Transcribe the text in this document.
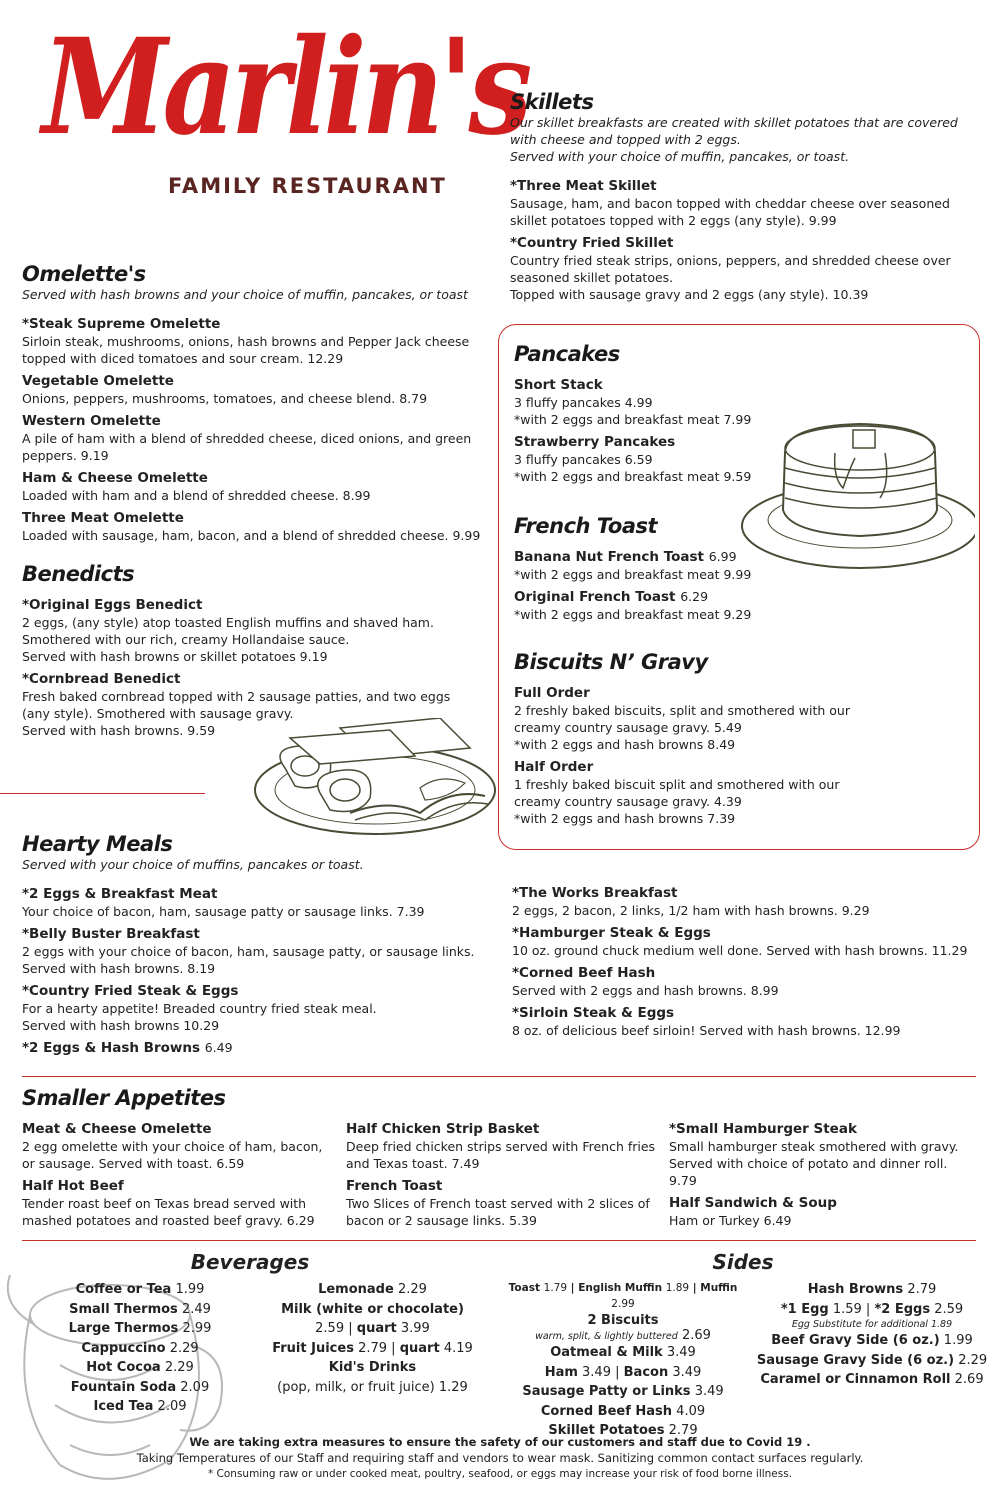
Marlin's
FAMILY RESTAURANT
Skillets
Our skillet breakfasts are created with skillet potatoes that are covered with cheese and topped with 2 eggs.
Served with your choice of muffin, pancakes, or toast.
*Three Meat Skillet
Sausage, ham, and bacon topped with cheddar cheese over seasoned skillet potatoes topped with 2 eggs (any style). 9.99
*Country Fried Skillet
Country fried steak strips, onions, peppers, and shredded cheese over seasoned skillet potatoes.
Topped with sausage gravy and 2 eggs (any style). 10.39
Omelette's
Served with hash browns and your choice of muffin, pancakes, or toast
*Steak Supreme Omelette
Sirloin steak, mushrooms, onions, hash browns and Pepper Jack cheese topped with diced tomatoes and sour cream. 12.29
Vegetable Omelette
Onions, peppers, mushrooms, tomatoes, and cheese blend. 8.79
Western Omelette
A pile of ham with a blend of shredded cheese, diced onions, and green peppers. 9.19
Ham & Cheese Omelette
Loaded with ham and a blend of shredded cheese. 8.99
Three Meat Omelette
Loaded with sausage, ham, bacon, and a blend of shredded cheese. 9.99
Benedicts
*Original Eggs Benedict
2 eggs, (any style) atop toasted English muffins and shaved ham.
Smothered with our rich, creamy Hollandaise sauce.
Served with hash browns or skillet potatoes 9.19
*Cornbread Benedict
Fresh baked cornbread topped with 2 sausage patties, and two eggs (any style). Smothered with sausage gravy.
Served with hash browns. 9.59
Pancakes
Short Stack
3 fluffy pancakes 4.99
*with 2 eggs and breakfast meat 7.99
Strawberry Pancakes
3 fluffy pancakes 6.59
*with 2 eggs and breakfast meat 9.59
French Toast
Banana Nut French Toast 6.99
*with 2 eggs and breakfast meat 9.99
Original French Toast 6.29
*with 2 eggs and breakfast meat 9.29
Biscuits N’ Gravy
Full Order
2 freshly baked biscuits, split and smothered with our creamy country sausage gravy. 5.49
*with 2 eggs and hash browns 8.49
Half Order
1 freshly baked biscuit split and smothered with our creamy country sausage gravy. 4.39
*with 2 eggs and hash browns 7.39
Hearty Meals
Served with your choice of muffins, pancakes or toast.
*2 Eggs & Breakfast Meat
Your choice of bacon, ham, sausage patty or sausage links. 7.39
*Belly Buster Breakfast
2 eggs with your choice of bacon, ham, sausage patty, or sausage links. Served with hash browns. 8.19
*Country Fried Steak & Eggs
For a hearty appetite! Breaded country fried steak meal.
Served with hash browns 10.29
*2 Eggs & Hash Browns 6.49
*The Works Breakfast
2 eggs, 2 bacon, 2 links, 1/2 ham with hash browns. 9.29
*Hamburger Steak & Eggs
10 oz. ground chuck medium well done. Served with hash browns. 11.29
*Corned Beef Hash
Served with 2 eggs and hash browns. 8.99
*Sirloin Steak & Eggs
8 oz. of delicious beef sirloin! Served with hash browns. 12.99
Smaller Appetites
Meat & Cheese Omelette
2 egg omelette with your choice of ham, bacon, or sausage. Served with toast. 6.59
Half Hot Beef
Tender roast beef on Texas bread served with mashed potatoes and roasted beef gravy. 6.29
Half Chicken Strip Basket
Deep fried chicken strips served with French fries and Texas toast. 7.49
French Toast
Two Slices of French toast served with 2 slices of bacon or 2 sausage links. 5.39
*Small Hamburger Steak
Small hamburger steak smothered with gravy. Served with choice of potato and dinner roll. 9.79
Half Sandwich & Soup
Ham or Turkey 6.49
Beverages
Coffee or Tea 1.99
Small Thermos 2.49
Large Thermos 2.99
Cappuccino 2.29
Hot Cocoa 2.29
Fountain Soda 2.09
Iced Tea 2.09
Lemonade 2.29
Milk (white or chocolate)
2.59 | quart 3.99
Fruit Juices 2.79 | quart 4.19
Kid's Drinks
(pop, milk, or fruit juice) 1.29
Sides
Toast 1.79 | English Muffin 1.89 | Muffin 2.99
2 Biscuits
warm, split, & lightly buttered 2.69
Oatmeal & Milk 3.49
Ham 3.49 | Bacon 3.49
Sausage Patty or Links 3.49
Corned Beef Hash 4.09
Skillet Potatoes 2.79
Hash Browns 2.79
*1 Egg 1.59 | *2 Eggs 2.59
Egg Substitute for additional 1.89
Beef Gravy Side (6 oz.) 1.99
Sausage Gravy Side (6 oz.) 2.29
Caramel or Cinnamon Roll 2.69
We are taking extra measures to ensure the safety of our customers and staff due to Covid 19 .
Taking Temperatures of our Staff and requiring staff and vendors to wear mask. Sanitizing common contact surfaces regularly.
* Consuming raw or under cooked meat, poultry, seafood, or eggs may increase your risk of food borne illness.
